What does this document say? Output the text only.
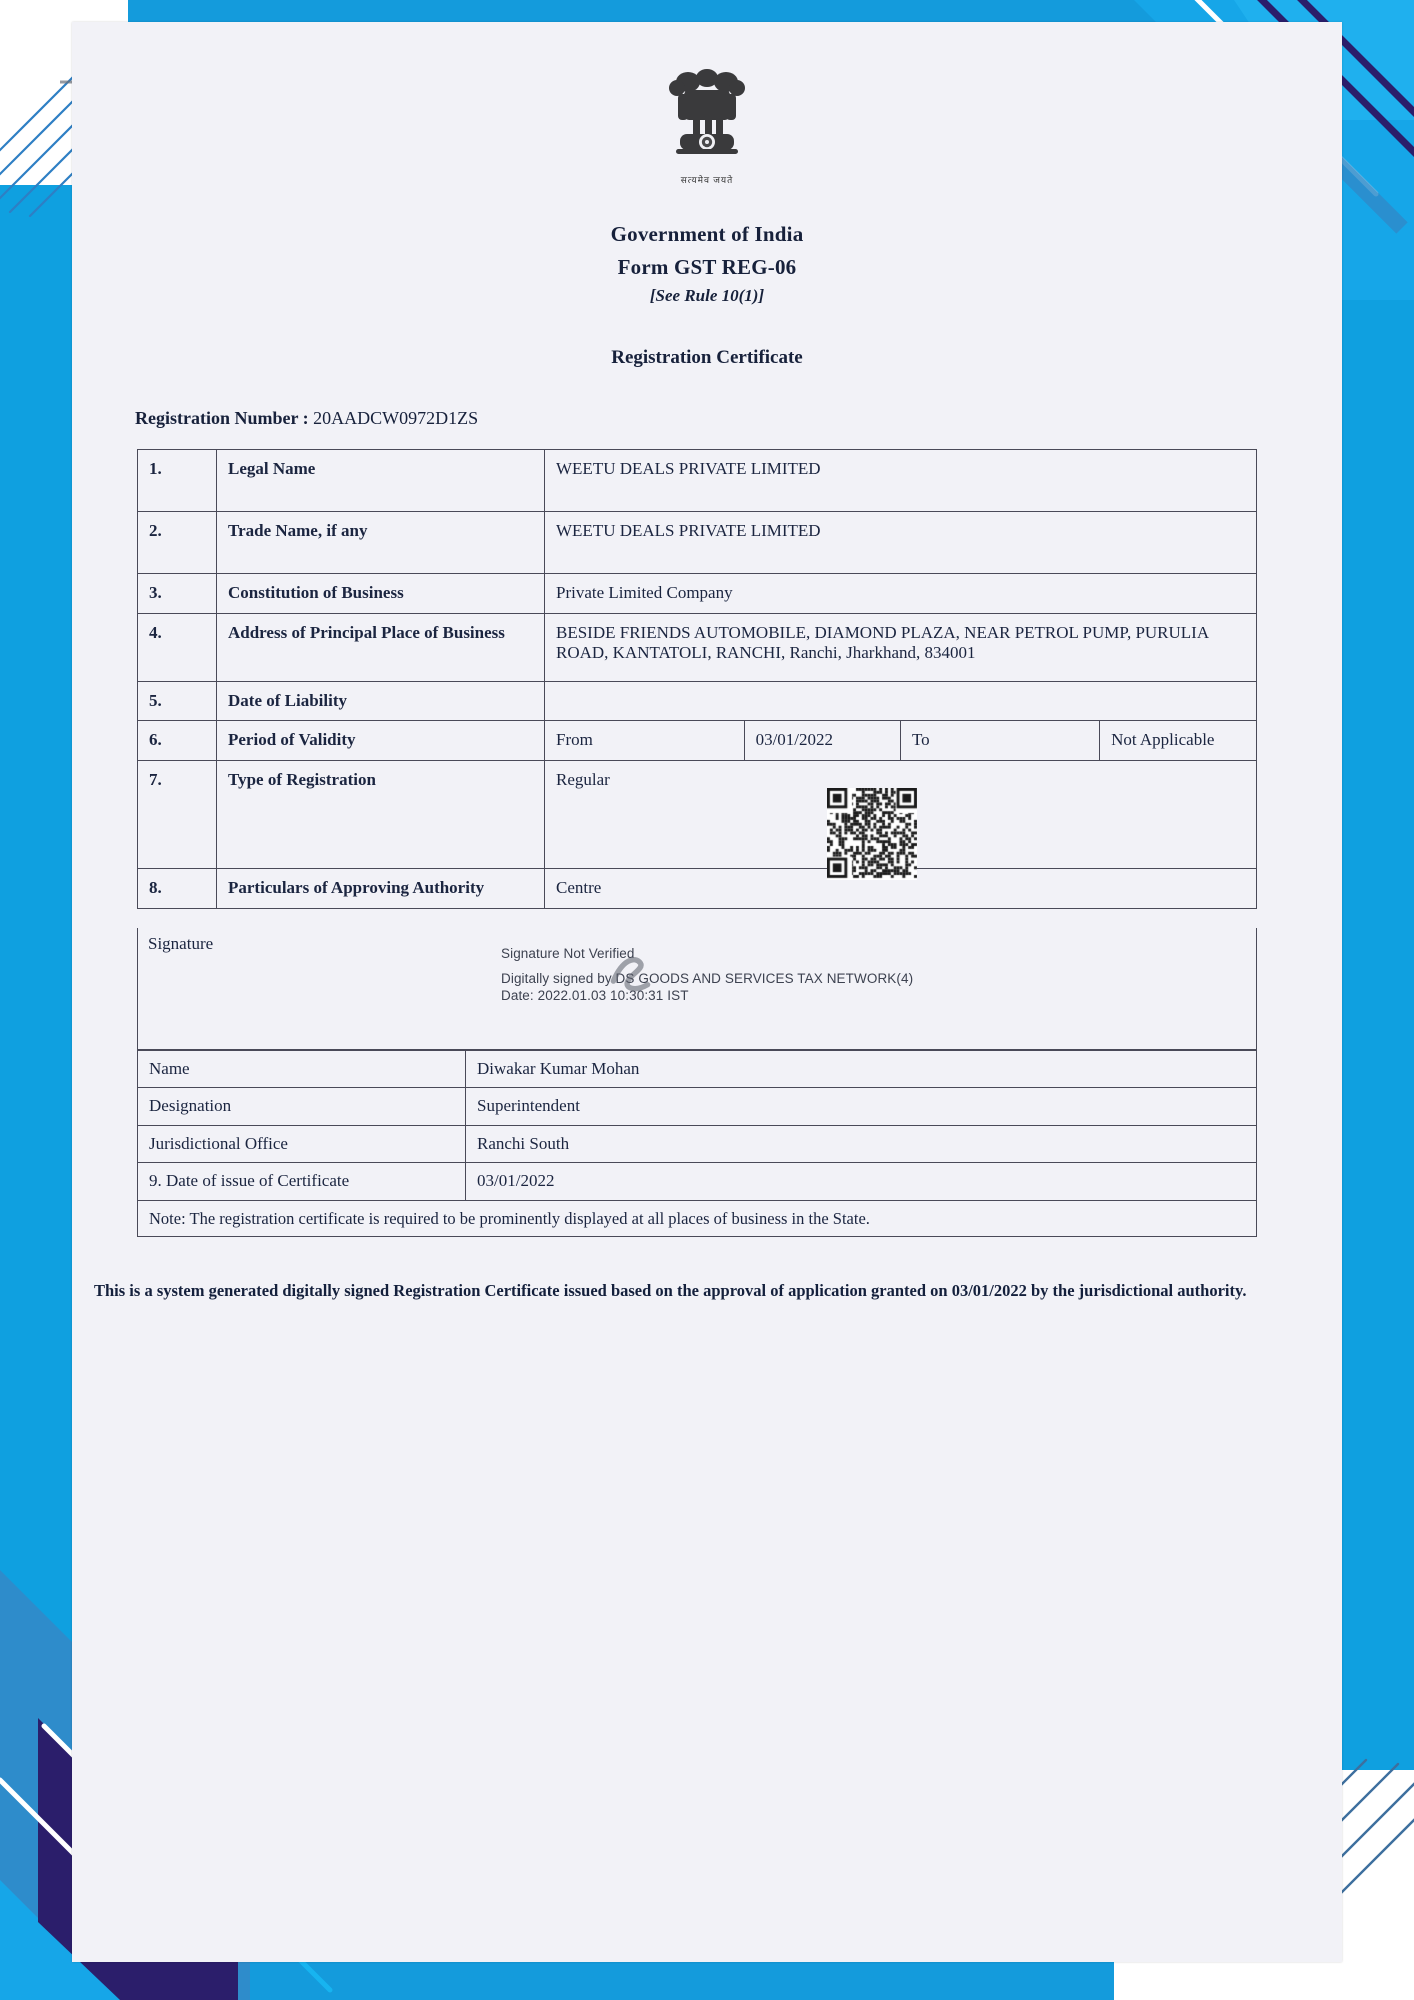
सत्यमेव जयते
Government of India
Form GST REG-06
[See Rule 10(1)]
Registration Certificate
Registration Number : 20AADCW0972D1ZS
1.	Legal Name	WEETU DEALS PRIVATE LIMITED
2.	Trade Name, if any	WEETU DEALS PRIVATE LIMITED
3.	Constitution of Business	Private Limited Company
4.	Address of Principal Place of Business	BESIDE FRIENDS AUTOMOBILE, DIAMOND PLAZA, NEAR PETROL PUMP, PURULIA ROAD, KANTATOLI, RANCHI, Ranchi, Jharkhand, 834001
5.	Date of Liability	
6.	Period of Validity		From	03/01/2022	To	Not Applicable

7.	Type of Registration	Regular
8.	Particulars of Approving Authority	Centre
Signature
Signature Not Verified
Digitally signed by DS GOODS AND SERVICES TAX NETWORK(4)
Date: 2022.01.03 10:30:31 IST
Name	Diwakar Kumar Mohan
Designation	Superintendent
Jurisdictional Office	Ranchi South
9. Date of issue of Certificate	03/01/2022
Note: The registration certificate is required to be prominently displayed at all places of business in the State.	
This is a system generated digitally signed Registration Certificate issued based on the approval of application granted on 03/01/2022 by the jurisdictional authority.
